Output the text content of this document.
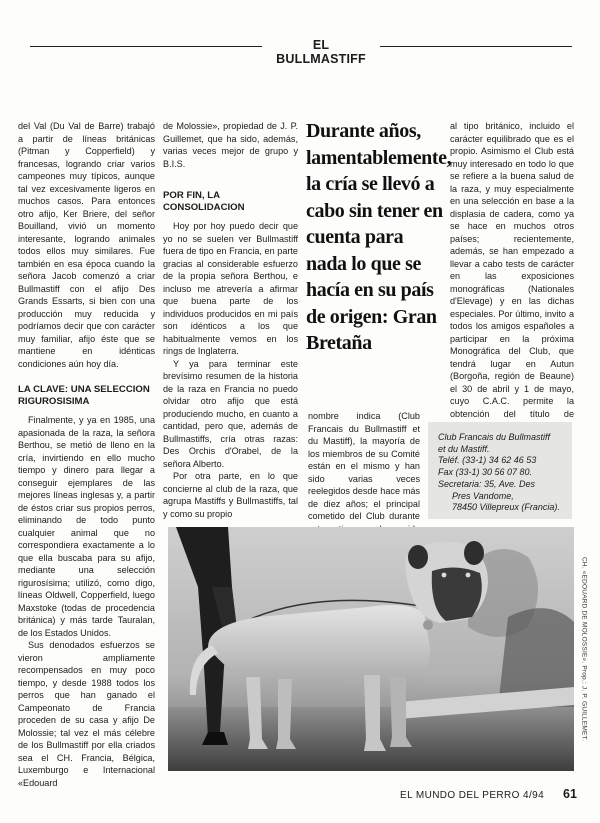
EL BULLMASTIFF

del Val (Du Val de Barre) trabajó a partir de líneas británicas (Pitman y Copperfield) y francesas, logrando criar varios campeones muy típicos, aunque tal vez excesivamente ligeros en muchos casos. Para entonces otro afijo, Ker Briere, del señor Bouilland, vivió un momento interesante, logrando animales todos ellos muy similares. Fue también en esa época cuando la señora Jacob comenzó a criar Bullmastiff con el afijo Des Grands Essarts, si bien con una producción muy reducida y podríamos decir que con carácter muy familiar, afijo éste que se mantiene en idénticas condiciones aún hoy día.

LA CLAVE: UNA SELECCION RIGUROSISIMA

Finalmente, y ya en 1985, una apasionada de la raza, la señora Berthou, se metió de lleno en la cría, invirtiendo en ello mucho tiempo y dinero para llegar a conseguir ejemplares de las mejores líneas inglesas y, a partir de éstos criar sus propios perros, eliminando de todo punto cualquier animal que no correspondiera exactamente a lo que ella buscaba para su afijo, mediante una selección rigurosísima; utilizó, como digo, líneas Oldwell, Copperfield, luego Maxstoke (todas de procedencia británica) y más tarde Tauralan, de los Estados Unidos.

Sus denodados esfuerzos se vieron ampliamente recompensados en muy poco tiempo, y desde 1988 todos los perros que han ganado el Campeonato de Francia proceden de su casa y afijo De Molossie; tal vez el más célebre de los Bullmastiff por ella criados sea el CH. Francia, Bélgica, Luxemburgo e Internacional «Edouard

de Molossie», propiedad de J. P. Guillemet, que ha sido, además, varias veces mejor de grupo y B.I.S.

POR FIN, LA CONSOLIDACION

Hoy por hoy puedo decir que yo no se suelen ver Bullmastiff fuera de tipo en Francia, en parte gracias al considerable esfuerzo de la propia señora Berthou, e incluso me atrevería a afirmar que buena parte de los individuos producidos en mi país son idénticos a los que habitualmente vemos en los rings de Inglaterra.

Y ya para terminar este brevísimo resumen de la historia de la raza en Francia no puedo olvidar otro afijo que está produciendo mucho, en cuanto a cantidad, pero que, además de Bullmastiffs, cría otras razas: Des Orchis d'Orabel, de la señora Alberto.

Por otra parte, en lo que concierne al club de la raza, que agrupa Mastiffs y Bullmastiffs, tal y como su propio

Durante años, lamentablemente, la cría se llevó a cabo sin tener en cuenta para nada lo que se hacía en su país de origen: Gran Bretaña

nombre indica (Club Francais du Bullmastiff et du Mastiff), la mayoría de los miembros de su Comité están en el mismo y han sido varias veces reelegidos desde hace más de diez años; el principal cometido del Club durante

al tipo británico, incluido el carácter equilibrado que es el propio. Asimismo el Club está muy interesado en todo lo que se refiere a la buena salud de la raza, y muy especialmente en una selección en base a la displasia de cadera, como ya se hace en muchos otros países; recientemente, además, se han empezado a llevar a cabo tests de carácter en las exposiciones monográficas (Nationales d'Elevage) y en las dichas especiales. Por último, invito a todos los amigos españoles a participar en la próxima Monográfica del Club, que tendrá lugar en Autun (Borgoña, región de Beaune) el 30 de abril y 1 de mayo, cuyo C.A.C. permite la obtención del título de

Club Francais du Bullmastiff
et du Mastiff.
Teléf. (33-1) 34 62 46 53
Fax (33-1) 30 56 07 80.
Secretaria: 35, Ave. Des
Pres Vandome,
78450 Villepreux (Francia).
CH. «EDOUARD DE MOLOSSIE». Prop.: J. P. GUILLEMET.
EL MUNDO DEL PERRO 4/94 61
